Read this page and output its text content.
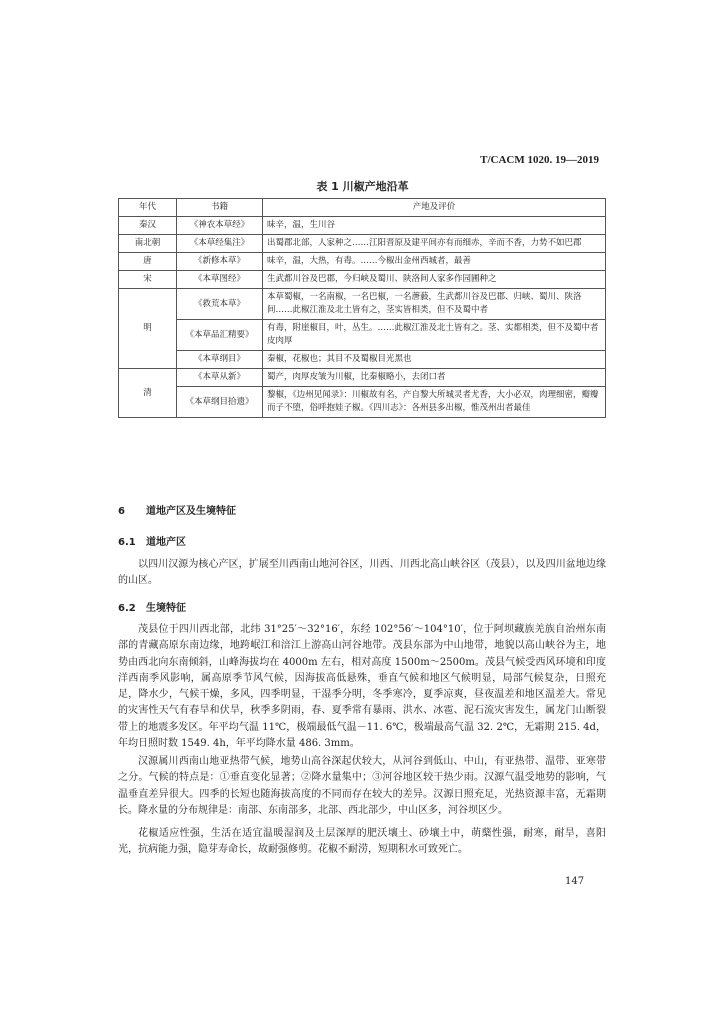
T/CACM 1020. 19—2019
表 1 川椒产地沿革
年代	书籍	产地及评价
秦汉	《神农本草经》	味辛，温，生川谷
南北朝	《本草经集注》	出蜀郡北部，人家种之……江阳晋原及建平间亦有而细赤，辛而不香，力势不如巴郡
唐	《新修本草》	味辛，温，大热，有毒。……今椒出金州西城者，最善
宋	《本草图经》	生武都川谷及巴郡，今归峡及蜀川、陕洛间人家多作园圃种之
明	《救荒本草》	本草蜀椒，一名南椒，一名巴椒，一名蓎藙，生武都川谷及巴郡、归峡、蜀川、陕洛间……此椒江淮及北土皆有之，茎实皆相类，但不及蜀中者
	《本草品汇精要》	有毒，附崖椒目，叶，丛生。……此椒江淮及北土皆有之。茎、实都相类，但不及蜀中者皮肉厚
	《本草纲目》	秦椒，花椒也；其目不及蜀椒目光黑也
清	《本草从新》	蜀产，肉厚皮皱为川椒，比秦椒略小，去闭口者
	《本草纲目拾遗》	黎椒，《边州见闻录》：川椒故有名，产自黎大所城灵者尤香，大小必双，肉理细密，瓣瓣而子不堕，俗呼抱娃子椒。《四川志》：各州县多出椒，惟茂州出者最佳
6 道地产区及生境特征
6.1 道地产区

以四川汉源为核心产区，扩展至川西南山地河谷区，川西、川西北高山峡谷区（茂县），以及四川盆地边缘的山区。

6.2 生境特征

茂县位于四川西北部，北纬 31°25′～32°16′，东经 102°56′～104°10′，位于阿坝藏族羌族自治州东南部的青藏高原东南边缘，地跨岷江和涪江上游高山河谷地带。茂县东部为中山地带，地貌以高山峡谷为主，地势由西北向东南倾斜，山峰海拔均在 4000m 左右，相对高度 1500m～2500m。茂县气候受西风环境和印度洋西南季风影响，属高原季节风气候，因海拔高低悬殊，垂直气候和地区气候明显，局部气候复杂，日照充足，降水少，气候干燥，多风，四季明显，干湿季分明，冬季寒冷，夏季凉爽，昼夜温差和地区温差大。常见的灾害性天气有春旱和伏旱，秋季多阴雨，春、夏季常有暴雨、洪水、冰雹、泥石流灾害发生，属龙门山断裂带上的地震多发区。年平均气温 11℃，极端最低气温－11. 6℃，极端最高气温 32. 2℃，无霜期 215. 4d，年均日照时数 1549. 4h，年平均降水量 486. 3mm。

汉源属川西南山地亚热带气候，地势山高谷深起伏较大，从河谷到低山、中山，有亚热带、温带、亚寒带之分。气候的特点是：①垂直变化显著；②降水量集中；③河谷地区较干热少雨。汉源气温受地势的影响，气温垂直差异很大。四季的长短也随海拔高度的不同而存在较大的差异。汉源日照充足，光热资源丰富，无霜期长。降水量的分布规律是：南部、东南部多，北部、西北部少，中山区多，河谷坝区少。

花椒适应性强，生活在适宜温暖湿润及土层深厚的肥沃壤土、砂壤土中，萌蘖性强，耐寒，耐旱，喜阳光，抗病能力强，隐芽寿命长，故耐强修剪。花椒不耐涝，短期积水可致死亡。

147
